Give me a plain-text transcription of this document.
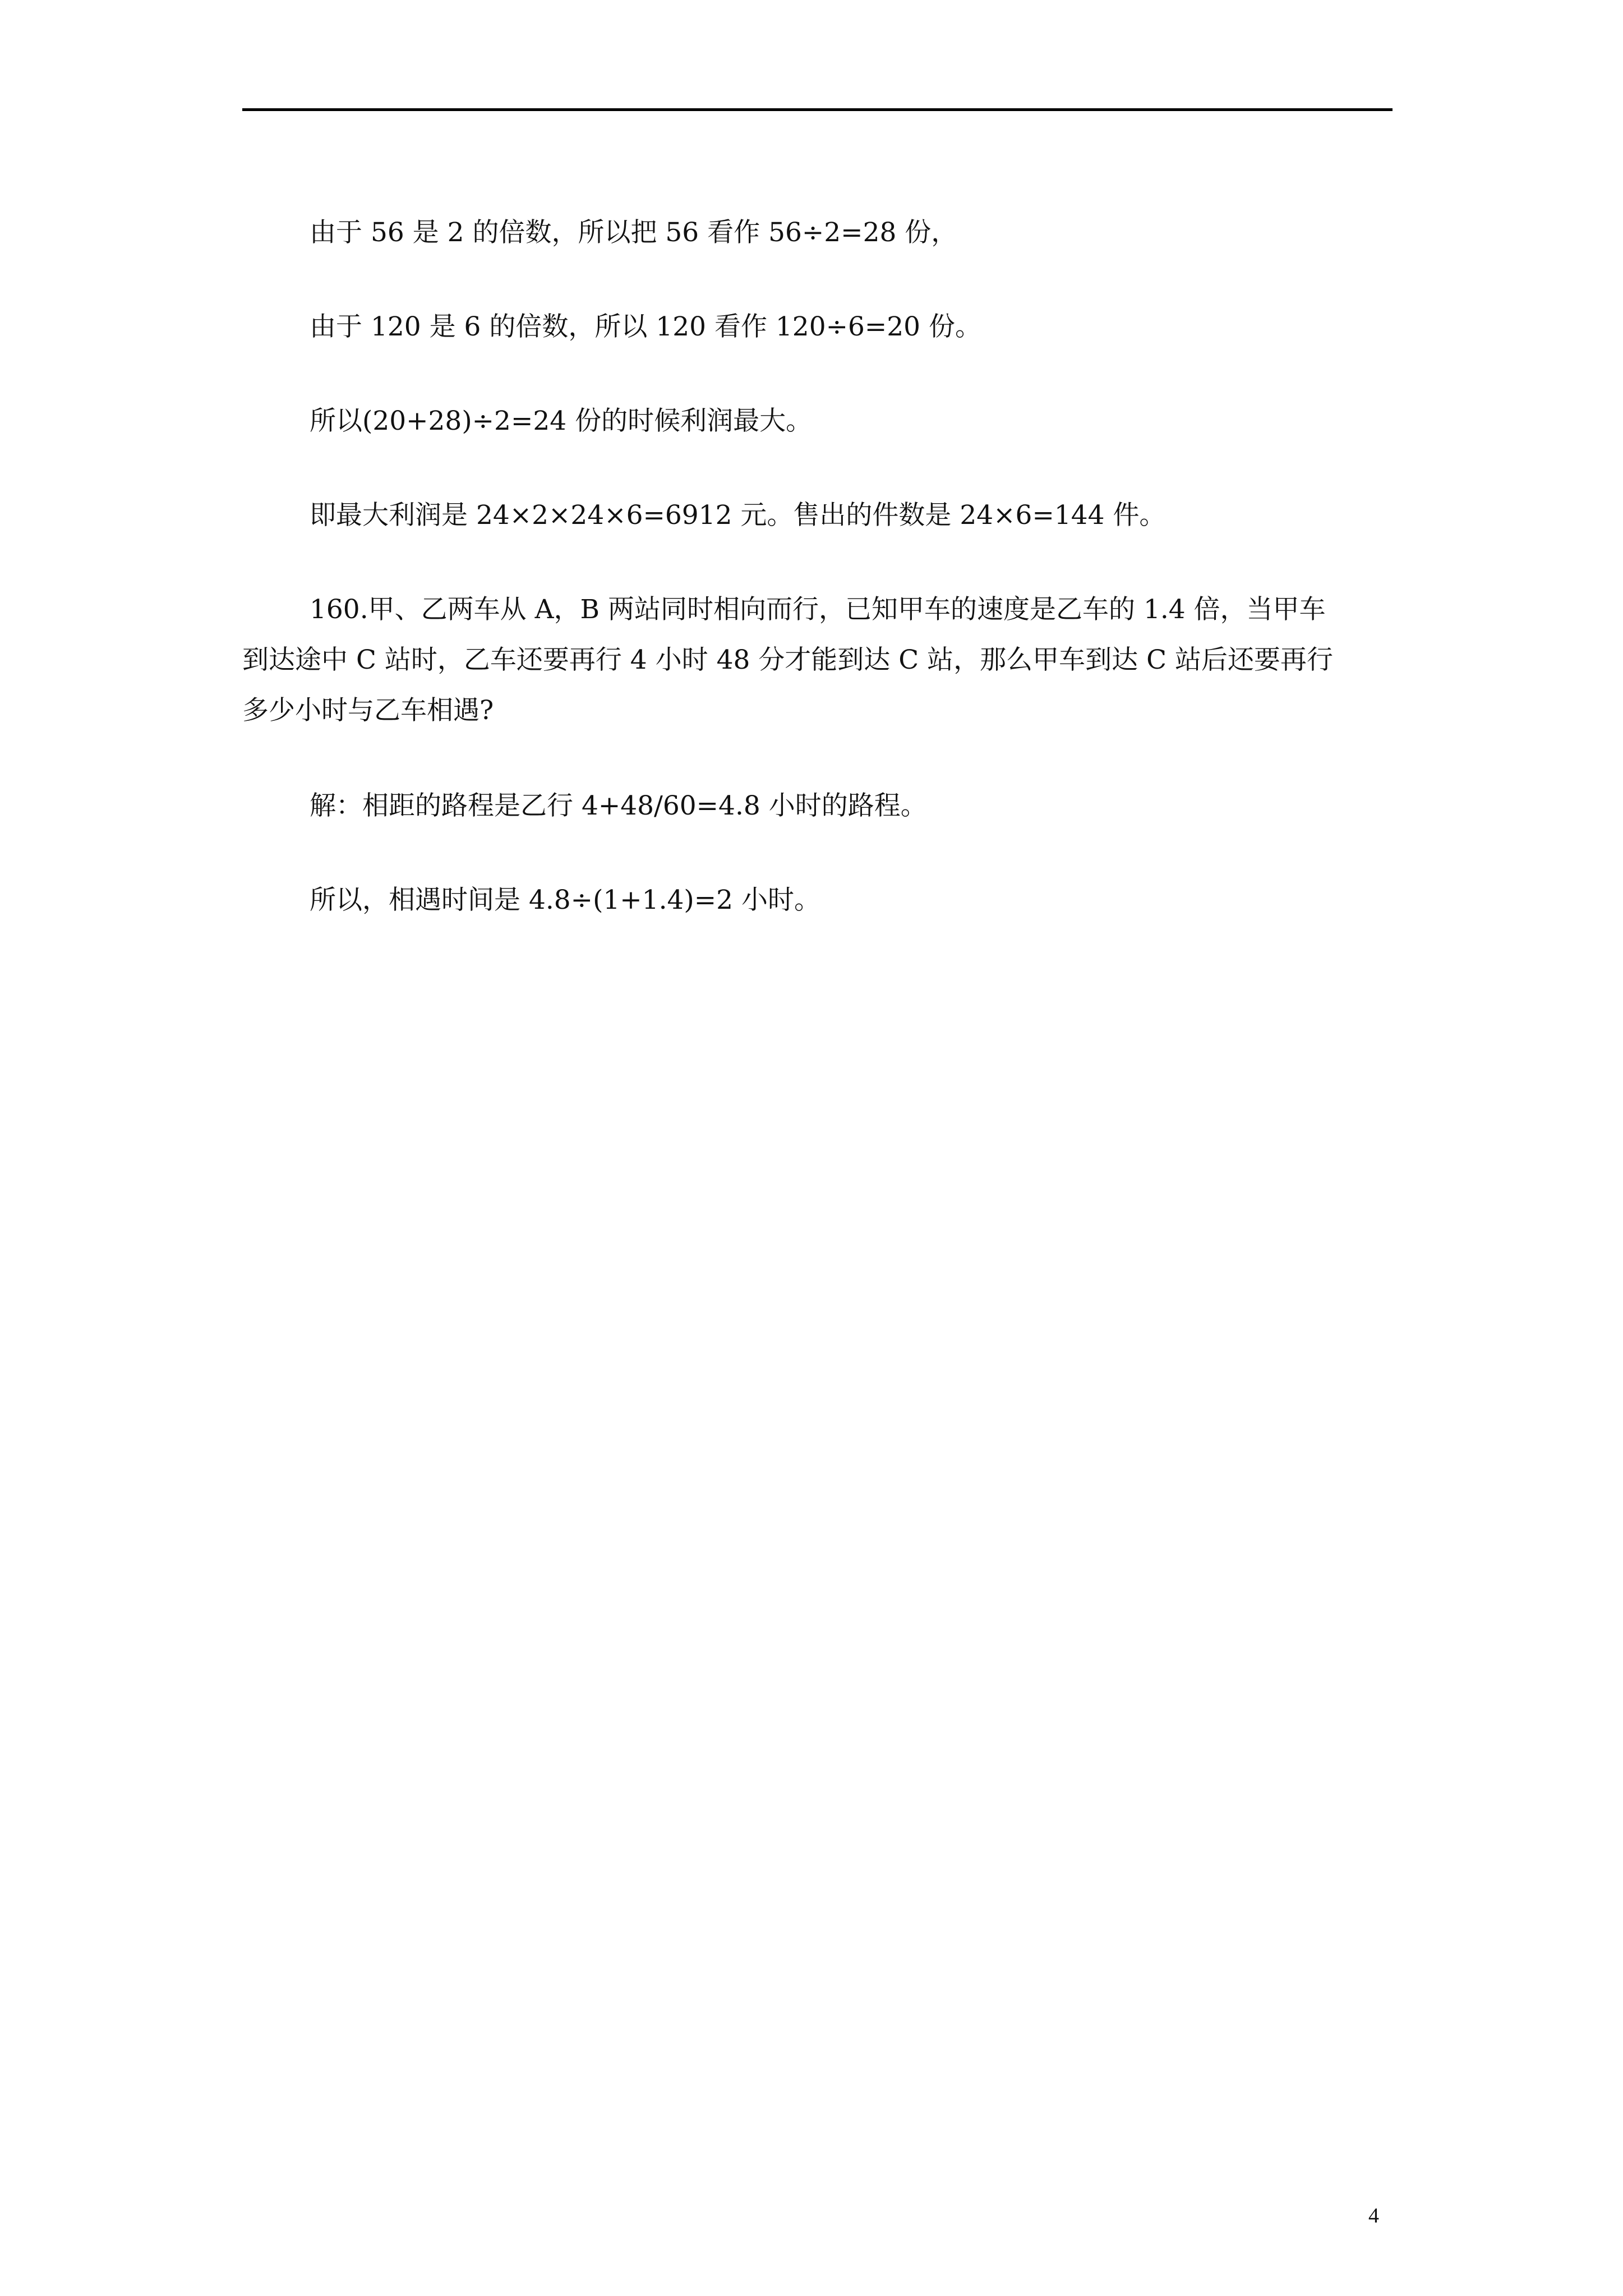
由于 56 是 2 的倍数，所以把 56 看作 56÷2=28 份，

由于 120 是 6 的倍数，所以 120 看作 120÷6=20 份。

所以(20+28)÷2=24 份的时候利润最大。

即最大利润是 24×2×24×6=6912 元。售出的件数是 24×6=144 件。

160.甲、乙两车从 A，B 两站同时相向而行，已知甲车的速度是乙车的 1.4 倍，当甲车

到达途中 C 站时，乙车还要再行 4 小时 48 分才能到达 C 站，那么甲车到达 C 站后还要再行

多少小时与乙车相遇?

解：相距的路程是乙行 4+48/60=4.8 小时的路程。

所以，相遇时间是 4.8÷(1+1.4)=2 小时。

4
